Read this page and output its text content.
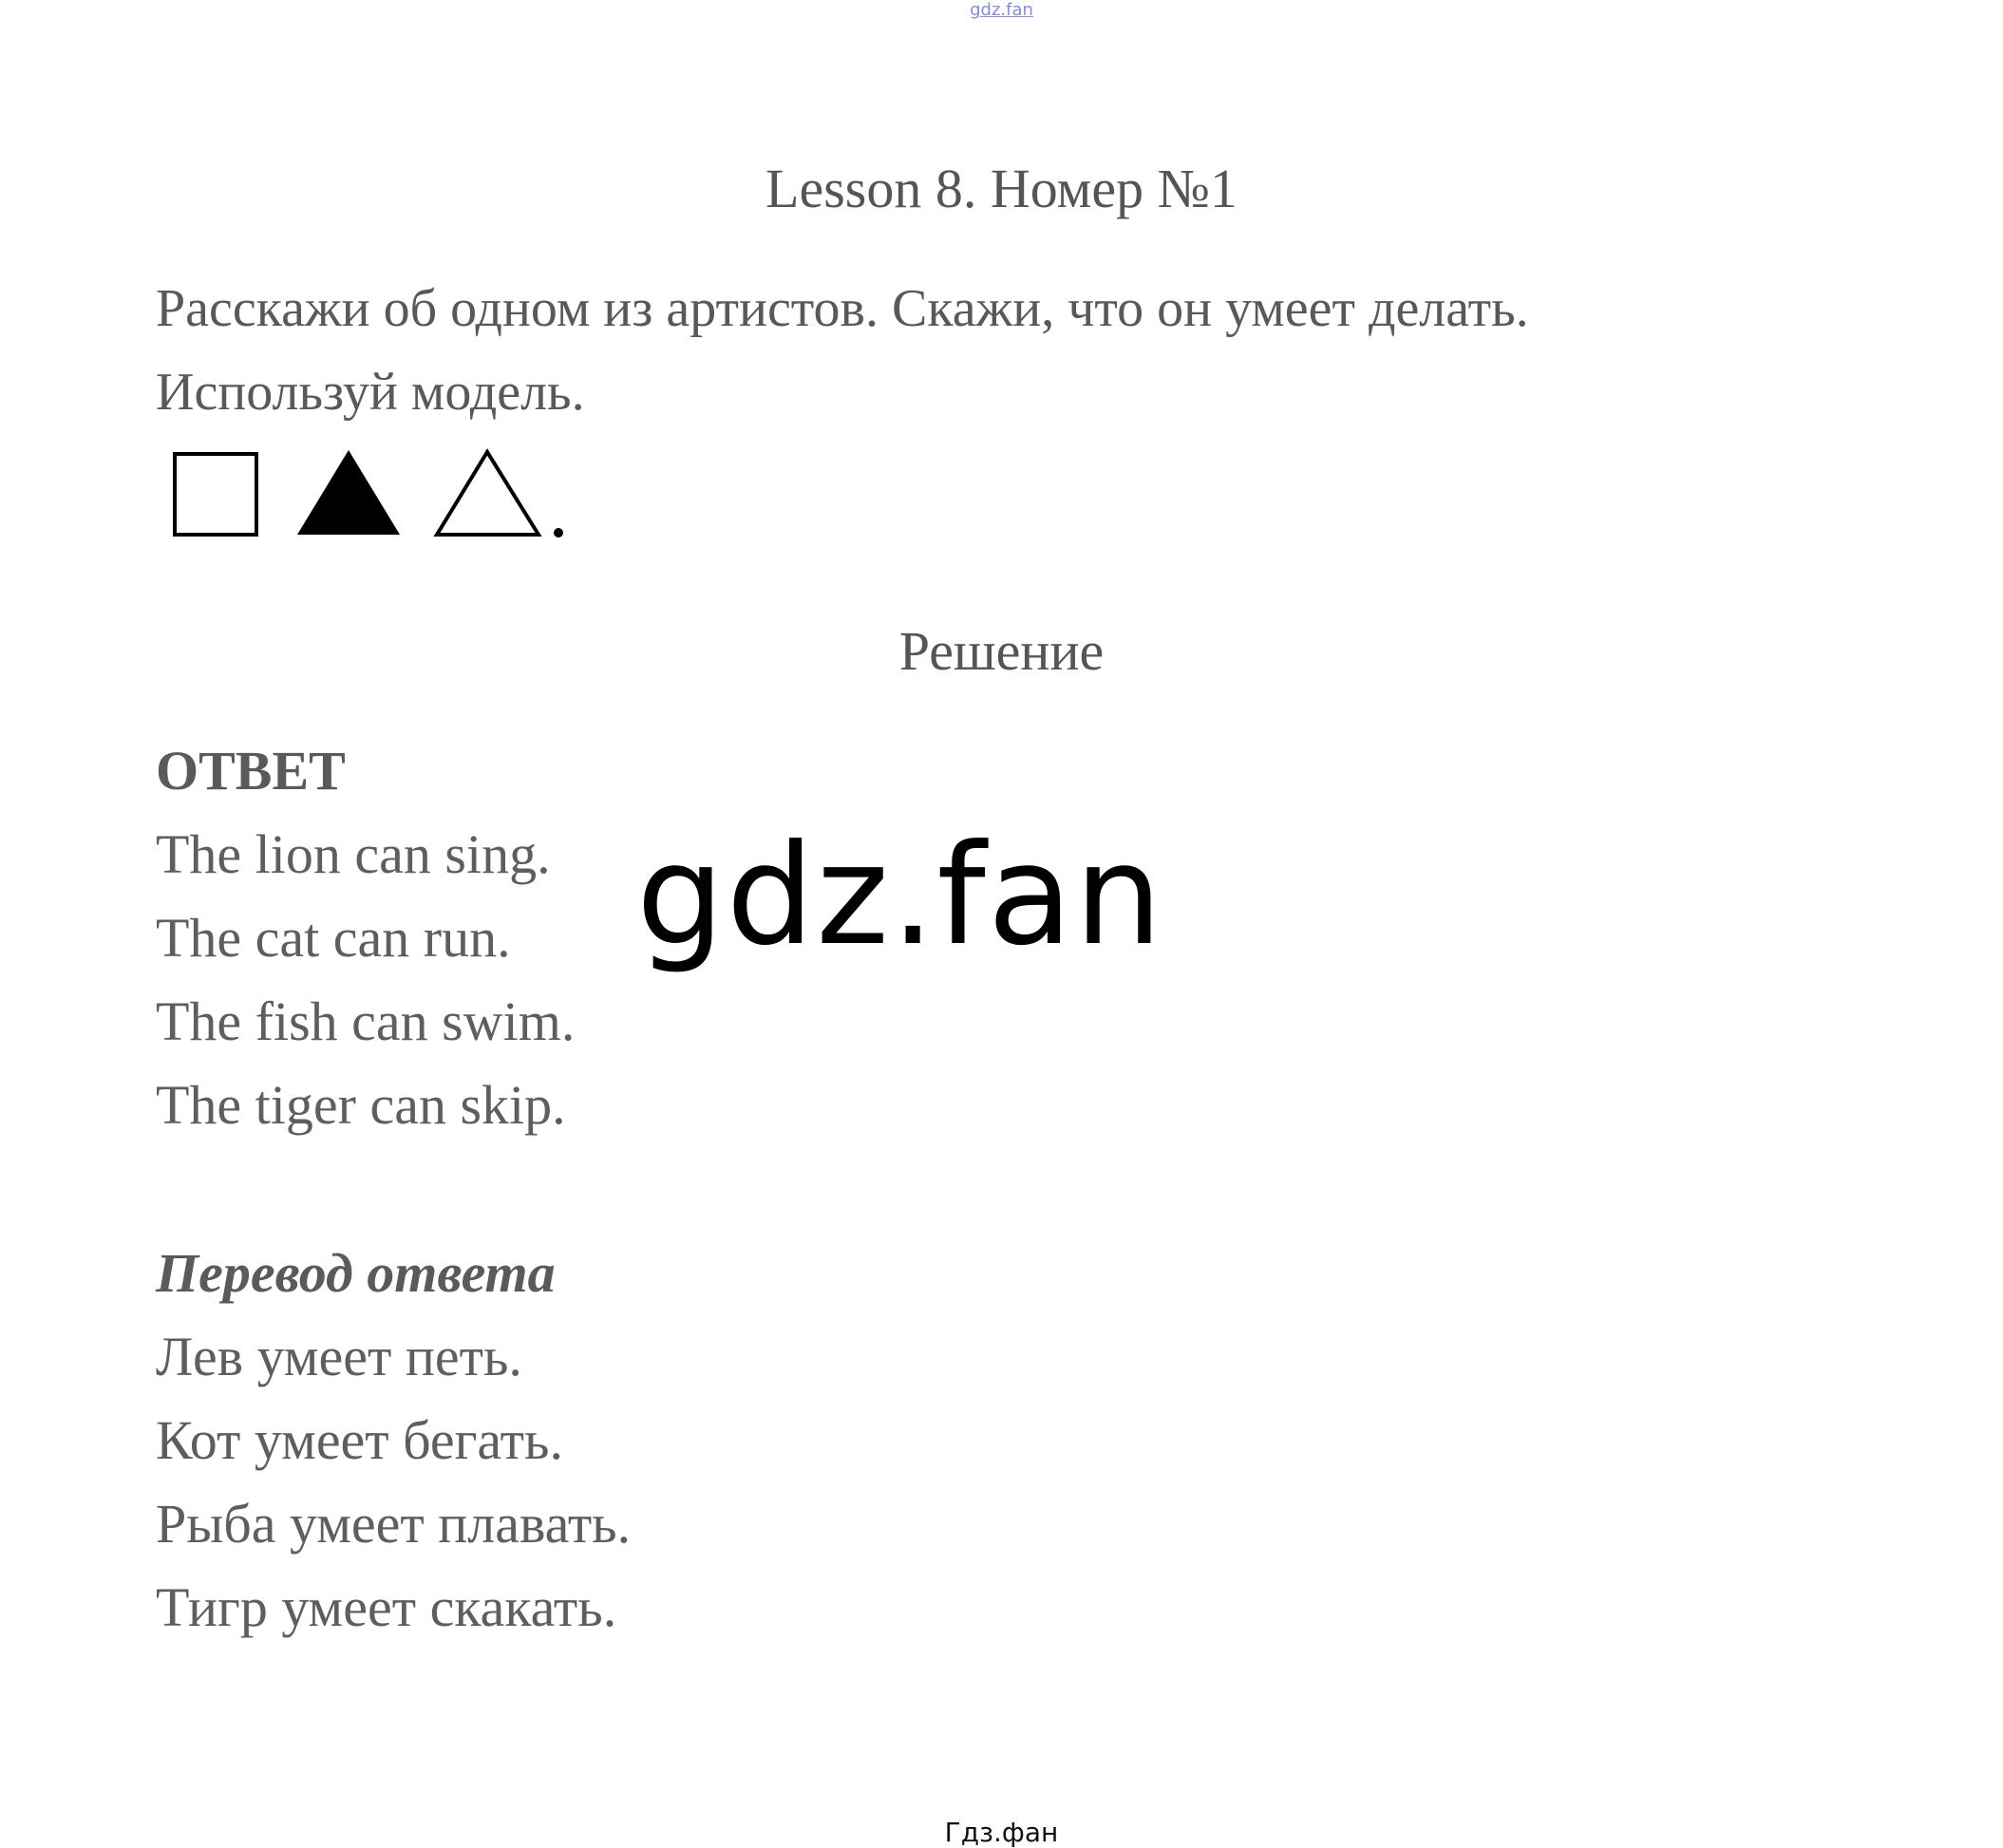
gdz.fan
Lesson 8. Номер №1
Расскажи об одном из артистов. Скажи, что он умеет делать.
Используй модель.
Решение
ОТВЕТ
The lion can sing.
The cat can run.
The fish can swim.
The tiger can skip.
Перевод ответа
Лев умеет петь.
Кот умеет бегать.
Рыба умеет плавать.
Тигр умеет скакать.
gdz.fan
Гдз.фан
